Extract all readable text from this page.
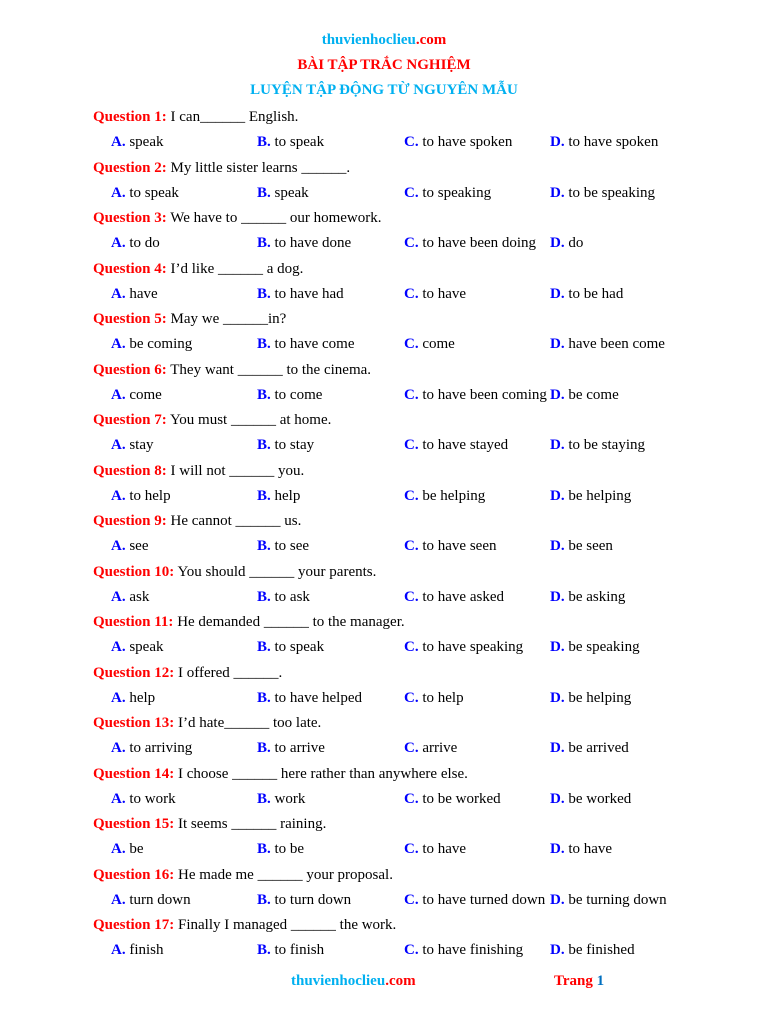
thuvienhoclieu.com
BÀI TẬP TRẮC NGHIỆM
LUYỆN TẬP ĐỘNG TỪ NGUYÊN MẪU
Question 1: I can______ English.
A. speak	B. to speak	C. to have spoken	D. to have spoken
Question 2: My little sister learns ______.
A. to speak	B. speak	C. to speaking	D. to be speaking
Question 3: We have to ______ our homework.
A. to do	B. to have done	C. to have been doing D. do
Question 4: I’d like ______ a dog.
A. have	B. to have had	C. to have	D. to be had
Question 5: May we ______in?
A. be coming	B. to have come	C. come	D. have been come
Question 6: They want ______ to the cinema.
A. come	B. to come	C. to have been coming D. be come
Question 7: You must ______ at home.
A. stay	B. to stay	C. to have stayed	D. to be staying
Question 8: I will not ______ you.
A. to help	B. help	C. be helping	D. be helping
Question 9: He cannot ______ us.
A. see	B. to see	C. to have seen	D. be seen
Question 10: You should ______ your parents.
A. ask	B. to ask	C. to have asked	D. be asking
Question 11: He demanded ______ to the manager.
A. speak	B. to speak	C. to have speaking D. be speaking
Question 12: I offered ______.
A. help	B. to have helped	C. to help	D. be helping
Question 13: I’d hate______ too late.
A. to arriving	B. to arrive	C. arrive	D. be arrived
Question 14: I choose ______ here rather than anywhere else.
A. to work	B. work	C. to be worked	D. be worked
Question 15: It seems ______ raining.
A. be	B. to be	C. to have	D. to have
Question 16: He made me ______ your proposal.
A. turn down	B. to turn down	C. to have turned down D. be turning down
Question 17: Finally I managed ______ the work.
A. finish	B. to finish	C. to have finishing D. be finished
thuvienhoclieu.com	Trang 1
